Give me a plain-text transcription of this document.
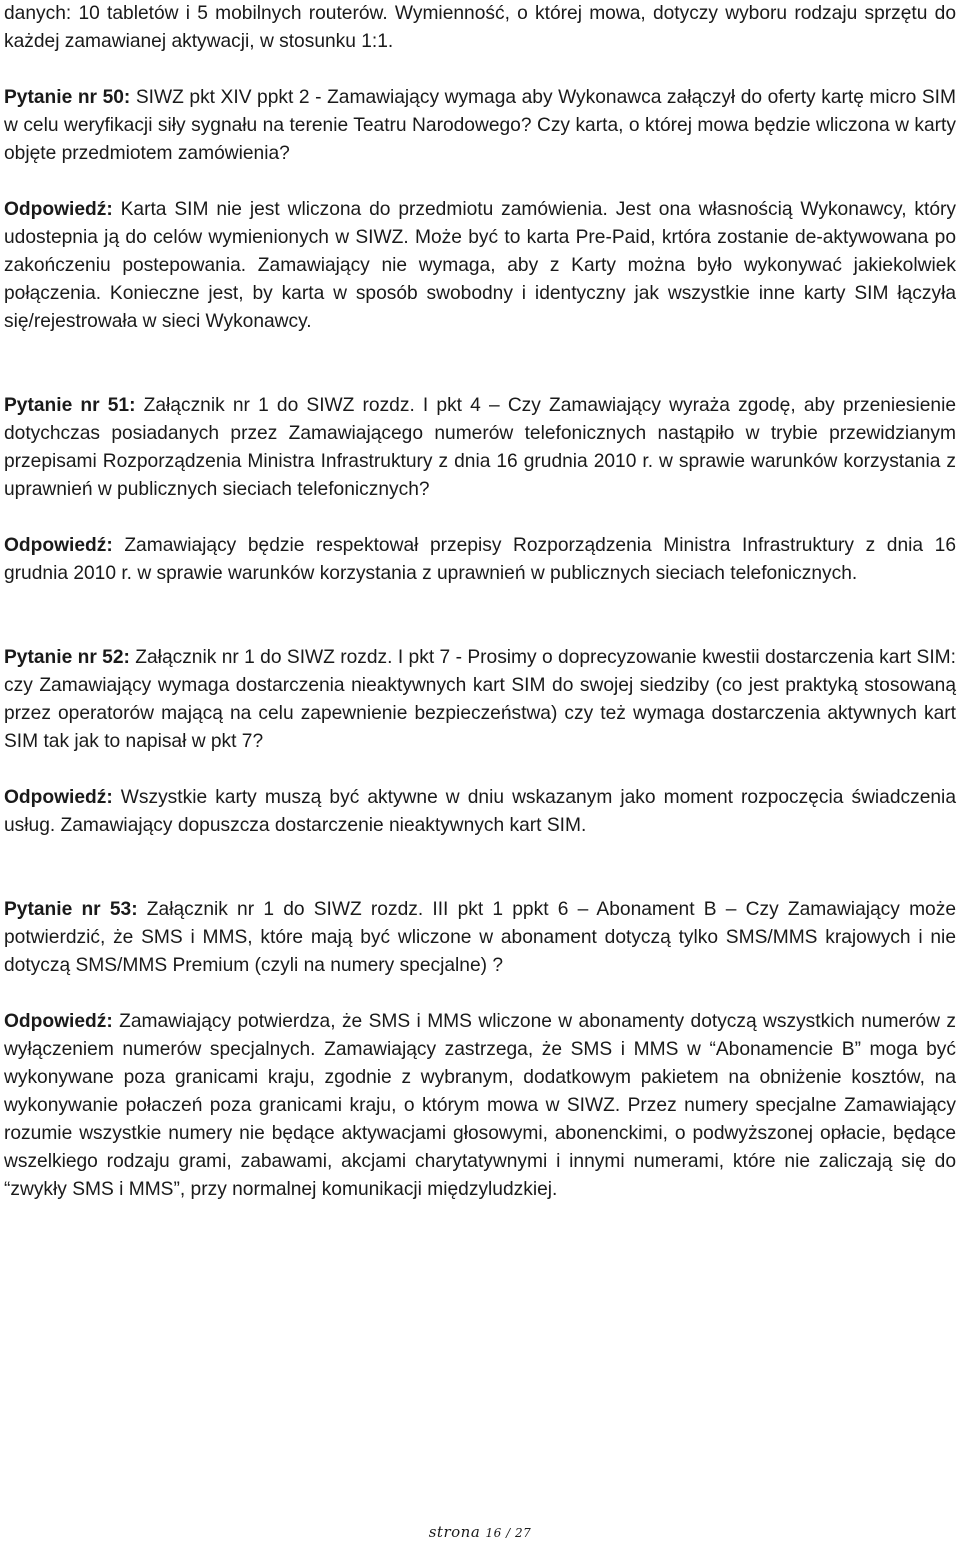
danych: 10 tabletów i 5 mobilnych routerów. Wymienność, o której mowa, dotyczy wyboru rodzaju sprzętu do każdej zamawianej aktywacji, w stosunku 1:1.

Pytanie nr 50: SIWZ pkt XIV ppkt 2 - Zamawiający wymaga aby Wykonawca załączył do oferty kartę micro SIM w celu weryfikacji siły sygnału na terenie Teatru Narodowego? Czy karta, o której mowa będzie wliczona w karty objęte przedmiotem zamówienia?

Odpowiedź: Karta SIM nie jest wliczona do przedmiotu zamówienia. Jest ona własnością Wykonawcy, który udostepnia ją do celów wymienionych w SIWZ. Może być to karta Pre-Paid, krtóra zostanie de-aktywowana po zakończeniu postepowania. Zamawiający nie wymaga, aby z Karty można było wykonywać jakiekolwiek połączenia. Konieczne jest, by karta w sposób swobodny i identyczny jak wszystkie inne karty SIM łączyła się/rejestrowała w sieci Wykonawcy.

Pytanie nr 51: Załącznik nr 1 do SIWZ rozdz. I pkt 4 – Czy Zamawiający wyraża zgodę, aby przeniesienie dotychczas posiadanych przez Zamawiającego numerów telefonicznych nastąpiło w trybie przewidzianym przepisami Rozporządzenia Ministra Infrastruktury z dnia 16 grudnia 2010 r. w sprawie warunków korzystania z uprawnień w publicznych sieciach telefonicznych?

Odpowiedź: Zamawiający będzie respektował przepisy Rozporządzenia Ministra Infrastruktury z dnia 16 grudnia 2010 r. w sprawie warunków korzystania z uprawnień w publicznych sieciach telefonicznych.

Pytanie nr 52: Załącznik nr 1 do SIWZ rozdz. I pkt 7 - Prosimy o doprecyzowanie kwestii dostarczenia kart SIM: czy Zamawiający wymaga dostarczenia nieaktywnych kart SIM do swojej siedziby (co jest praktyką stosowaną przez operatorów mającą na celu zapewnienie bezpieczeństwa) czy też wymaga dostarczenia aktywnych kart SIM tak jak to napisał w pkt 7?

Odpowiedź: Wszystkie karty muszą być aktywne w dniu wskazanym jako moment rozpoczęcia świadczenia usług. Zamawiający dopuszcza dostarczenie nieaktywnych kart SIM.

Pytanie nr 53: Załącznik nr 1 do SIWZ rozdz. III pkt 1 ppkt 6 – Abonament B – Czy Zamawiający może potwierdzić, że SMS i MMS, które mają być wliczone w abonament dotyczą tylko SMS/MMS krajowych i nie dotyczą SMS/MMS Premium (czyli na numery specjalne) ?

Odpowiedź: Zamawiający potwierdza, że SMS i MMS wliczone w abonamenty dotyczą wszystkich numerów z wyłączeniem numerów specjalnych. Zamawiający zastrzega, że SMS i MMS w “Abonamencie B” moga być wykonywane poza granicami kraju, zgodnie z wybranym, dodatkowym pakietem na obniżenie kosztów, na wykonywanie połaczeń poza granicami kraju, o którym mowa w SIWZ. Przez numery specjalne Zamawiający rozumie wszystkie numery nie będące aktywacjami głosowymi, abonenckimi, o podwyższonej opłacie, będące wszelkiego rodzaju grami, zabawami, akcjami charytatywnymi i innymi numerami, które nie zaliczają się do “zwykły SMS i MMS”, przy normalnej komunikacji międzyludzkiej.

strona 16 / 27
